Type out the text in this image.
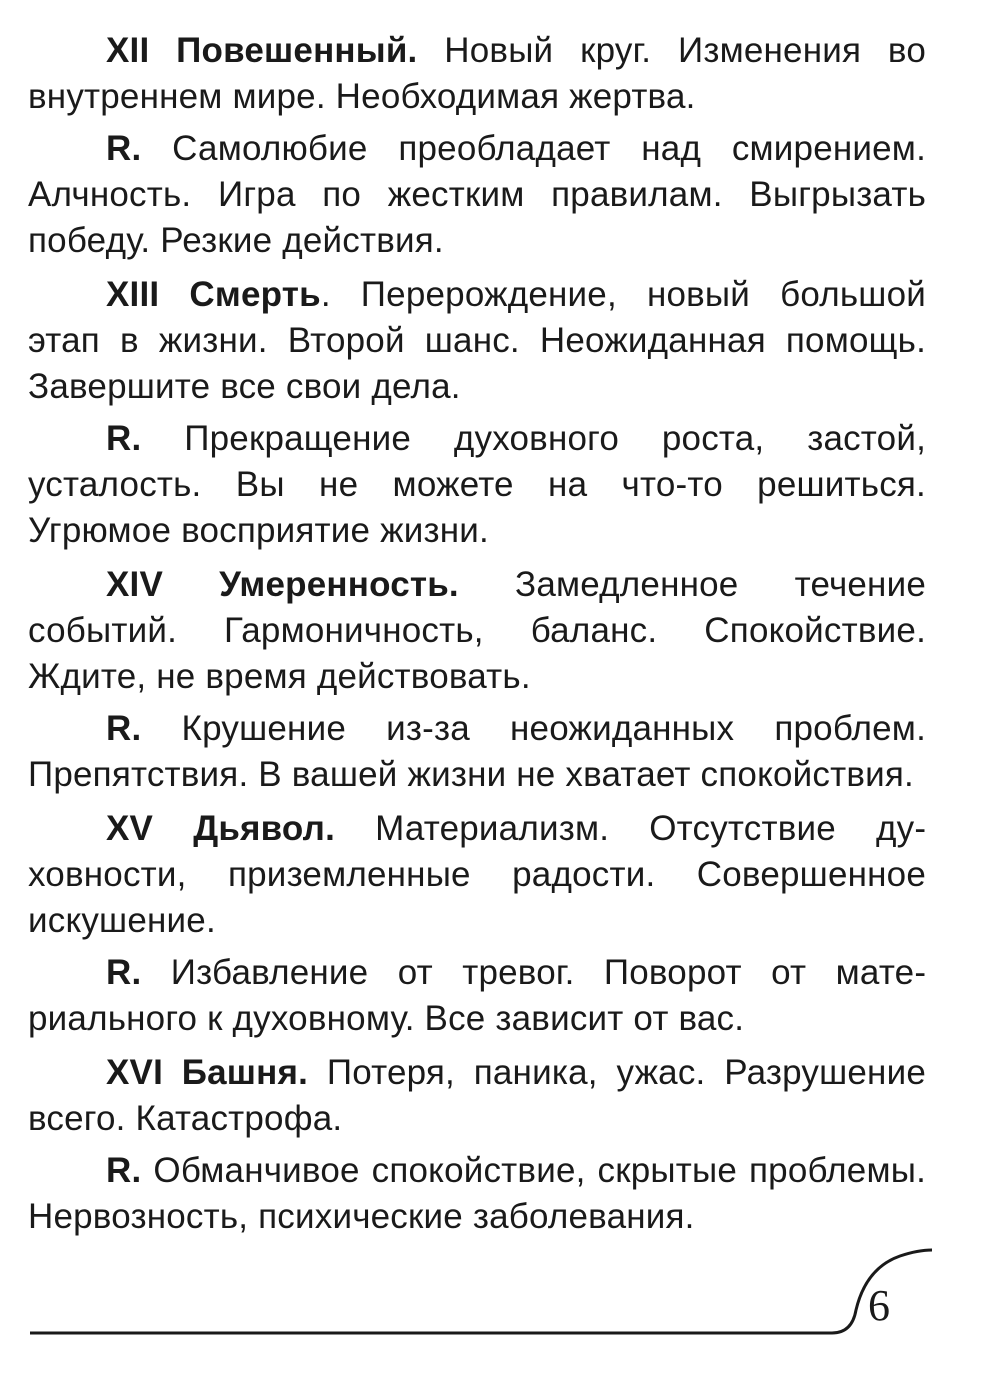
XII Повешенный. Новый круг. Изменения во внутреннем мире. Необходимая жертва.

R. Самолюбие преобладает над смирением. Алчность. Игра по жестким правилам. Выгрызать победу. Резкие действия.

XIII Смерть. Перерождение, новый большой этап в жизни. Второй шанс. Неожиданная помощь. Завершите все свои дела.

R. Прекращение духовного роста, застой, усталость. Вы не можете на что-то решиться. Угрюмое восприятие жизни.

XIV Умеренность. Замедленное течение событий. Гармоничность, баланс. Спокойствие. Ждите, не время действовать.

R. Крушение из-за неожиданных проблем. Препятствия. В вашей жизни не хватает спокойствия.

XV Дьявол. Материализм. Отсутствие духовности, приземленные радости. Совершенное искушение.

R. Избавление от тревог. Поворот от материального к духовному. Все зависит от вас.

XVI Башня. Потеря, паника, ужас. Разрушение всего. Катастрофа.

R. Обманчивое спокойствие, скрытые проблемы. Нервозность, психические заболевания.

6
